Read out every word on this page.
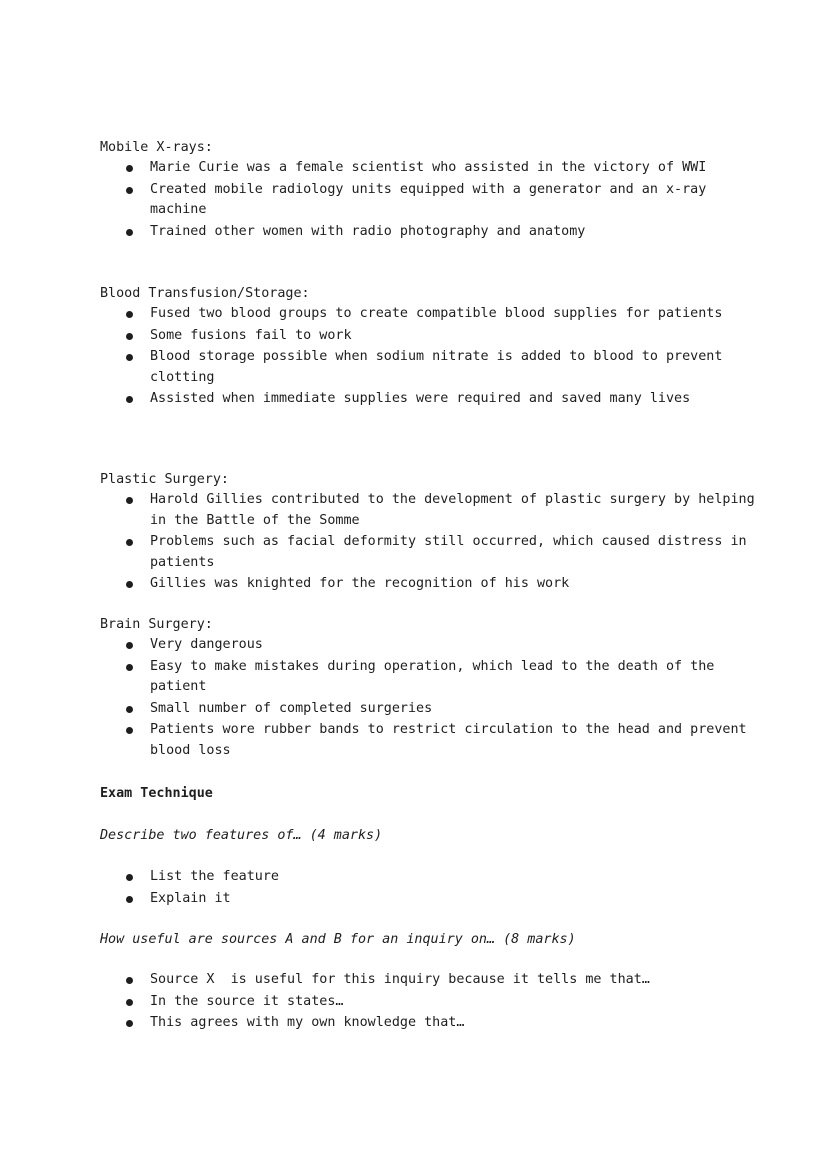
Mobile X-rays:
Marie Curie was a female scientist who assisted in the victory of WWI
Created mobile radiology units equipped with a generator and an x-ray machine
Trained other women with radio photography and anatomy
Blood Transfusion/Storage:
Fused two blood groups to create compatible blood supplies for patients
Some fusions fail to work
Blood storage possible when sodium nitrate is added to blood to prevent clotting
Assisted when immediate supplies were required and saved many lives
Plastic Surgery:
Harold Gillies contributed to the development of plastic surgery by helping in the Battle of the Somme
Problems such as facial deformity still occurred, which caused distress in patients
Gillies was knighted for the recognition of his work
Brain Surgery:
Very dangerous
Easy to make mistakes during operation, which lead to the death of the patient
Small number of completed surgeries
Patients wore rubber bands to restrict circulation to the head and prevent blood loss
Exam Technique
Describe two features of… (4 marks)
List the feature
Explain it
How useful are sources A and B for an inquiry on… (8 marks)
Source X  is useful for this inquiry because it tells me that…
In the source it states…
This agrees with my own knowledge that…
